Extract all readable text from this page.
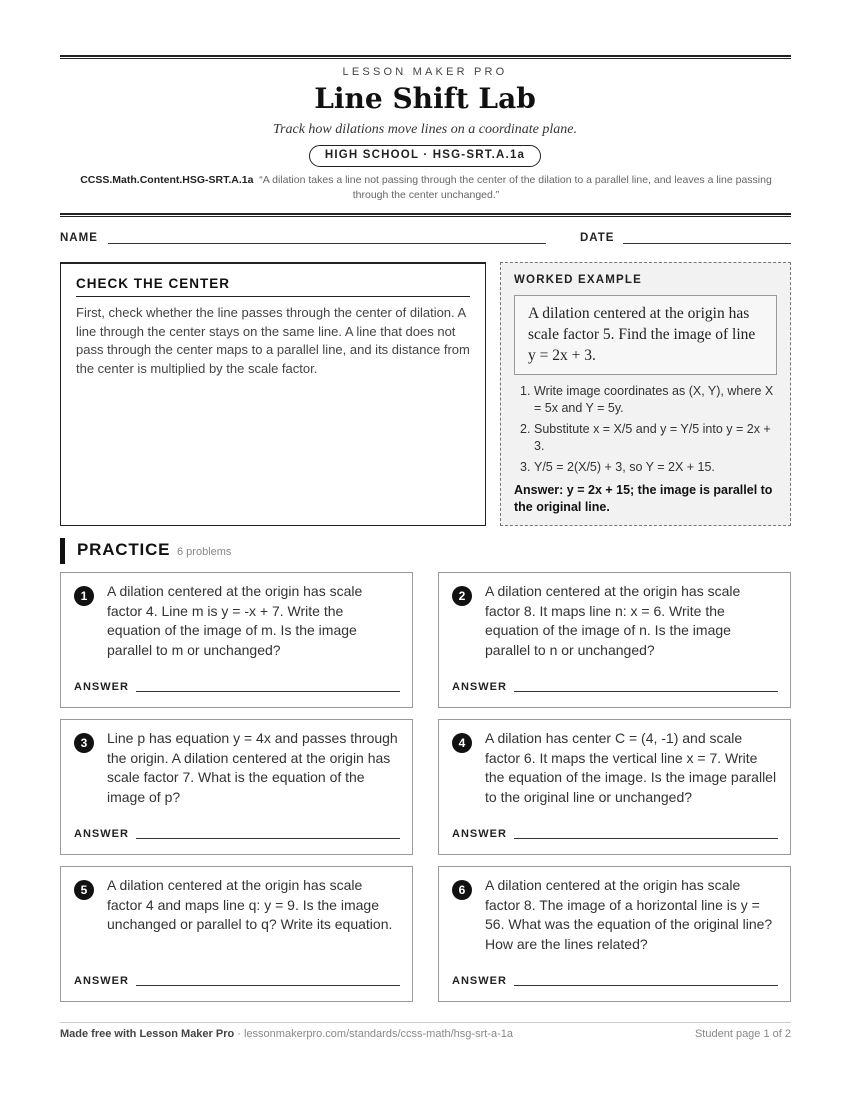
LESSON MAKER PRO
Line Shift Lab
Track how dilations move lines on a coordinate plane.
HIGH SCHOOL · HSG-SRT.A.1a
CCSS.Math.Content.HSG-SRT.A.1a “A dilation takes a line not passing through the center of the dilation to a parallel line, and leaves a line passing through the center unchanged.”
NAME	DATE
CHECK THE CENTER
First, check whether the line passes through the center of dilation. A line through the center stays on the same line. A line that does not pass through the center maps to a parallel line, and its distance from the center is multiplied by the scale factor.
WORKED EXAMPLE
A dilation centered at the origin has scale factor 5. Find the image of line y = 2x + 3.
1. Write image coordinates as (X, Y), where X = 5x and Y = 5y.
2. Substitute x = X/5 and y = Y/5 into y = 2x + 3.
3. Y/5 = 2(X/5) + 3, so Y = 2X + 15.
Answer: y = 2x + 15; the image is parallel to the original line.
PRACTICE 6 problems
1	A dilation centered at the origin has scale factor 4. Line m is y = -x + 7. Write the equation of the image of m. Is the image parallel to m or unchanged?
ANSWER
2	A dilation centered at the origin has scale factor 8. It maps line n: x = 6. Write the equation of the image of n. Is the image parallel to n or unchanged?
ANSWER
3	Line p has equation y = 4x and passes through the origin. A dilation centered at the origin has scale factor 7. What is the equation of the image of p?
ANSWER
4	A dilation has center C = (4, -1) and scale factor 6. It maps the vertical line x = 7. Write the equation of the image. Is the image parallel to the original line or unchanged?
ANSWER
5	A dilation centered at the origin has scale factor 4 and maps line q: y = 9. Is the image unchanged or parallel to q? Write its equation.
ANSWER
6	A dilation centered at the origin has scale factor 8. The image of a horizontal line is y = 56. What was the equation of the original line? How are the lines related?
ANSWER
Made free with Lesson Maker Pro · lessonmakerpro.com/standards/ccss-math/hsg-srt-a-1a	Student page 1 of 2
